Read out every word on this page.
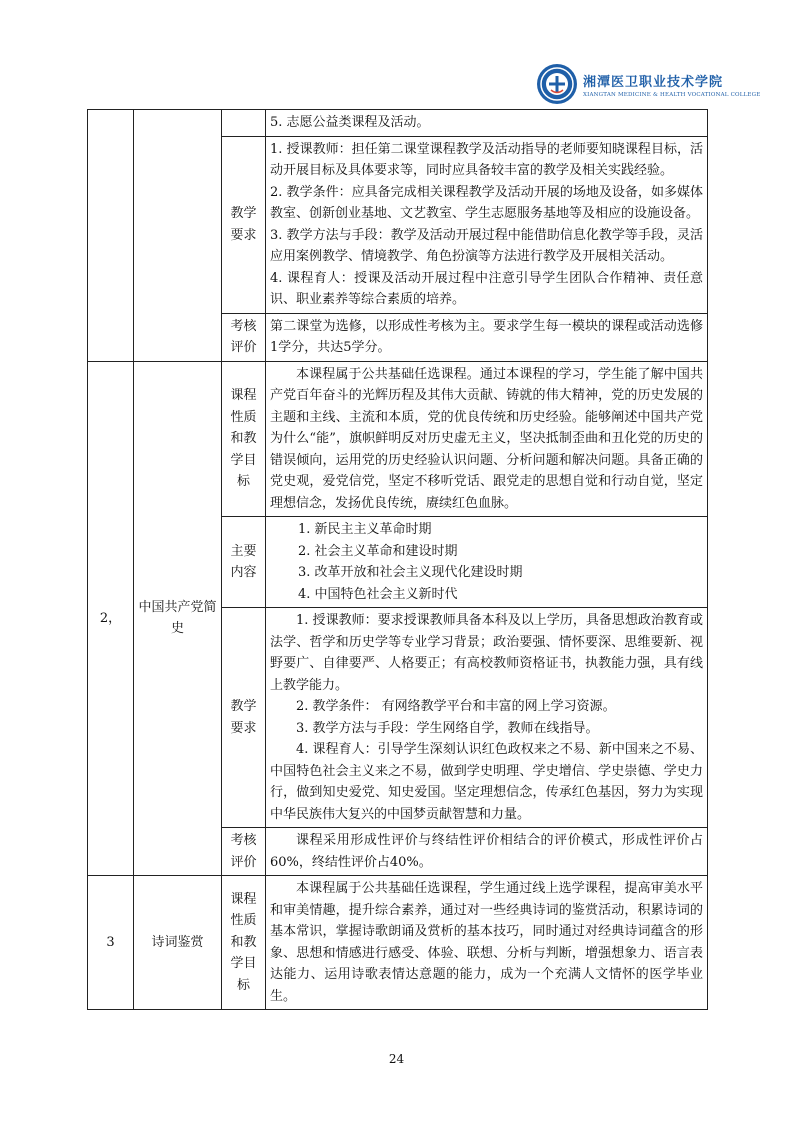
湘潭医卫职业技术学院
XIANGTAN MEDICINE & HEALTH VOCATIONAL COLLEGE
			5. 志愿公益类课程及活动。
		教学要求	1. 授课教师：担任第二课堂课程教学及活动指导的老师要知晓课程目标，活动开展目标及具体要求等，同时应具备较丰富的教学及相关实践经验。

2. 教学条件：应具备完成相关课程教学及活动开展的场地及设备，如多媒体教室、创新创业基地、文艺教室、学生志愿服务基地等及相应的设施设备。

3. 教学方法与手段：教学及活动开展过程中能借助信息化教学等手段，灵活应用案例教学、情境教学、角色扮演等方法进行教学及开展相关活动。

4. 课程育人：授课及活动开展过程中注意引导学生团队合作精神、责任意识、职业素养等综合素质的培养。

		考核评价	第二课堂为选修，以形成性考核为主。要求学生每一模块的课程或活动选修1学分，共达5学分。
2，	中国共产党简史	课程性质和教学目标	本课程属于公共基础任选课程。通过本课程的学习，学生能了解中国共产党百年奋斗的光辉历程及其伟大贡献、铸就的伟大精神，党的历史发展的主题和主线、主流和本质，党的优良传统和历史经验。能够阐述中国共产党为什么“能”，旗帜鲜明反对历史虚无主义，坚决抵制歪曲和丑化党的历史的错误倾向，运用党的历史经验认识问题、分析问题和解决问题。具备正确的党史观，爱党信党，坚定不移听党话、跟党走的思想自觉和行动自觉，坚定理想信念，发扬优良传统，赓续红色血脉。
		主要内容	1. 新民主主义革命时期

2. 社会主义革命和建设时期

3. 改革开放和社会主义现代化建设时期

4. 中国特色社会主义新时代

		教学要求	1. 授课教师：要求授课教师具备本科及以上学历，具备思想政治教育或法学、哲学和历史学等专业学习背景；政治要强、情怀要深、思维要新、视野要广、自律要严、人格要正；有高校教师资格证书，执教能力强，具有线上教学能力。

2. 教学条件： 有网络教学平台和丰富的网上学习资源。

3. 教学方法与手段：学生网络自学，教师在线指导。

4. 课程育人：引导学生深刻认识红色政权来之不易、新中国来之不易、中国特色社会主义来之不易，做到学史明理、学史增信、学史崇德、学史力行，做到知史爱党、知史爱国。坚定理想信念，传承红色基因，努力为实现中华民族伟大复兴的中国梦贡献智慧和力量。

		考核评价	课程采用形成性评价与终结性评价相结合的评价模式，形成性评价占60%，终结性评价占40%。
3	诗词鉴赏	课程性质和教学目标	本课程属于公共基础任选课程，学生通过线上选学课程，提高审美水平和审美情趣，提升综合素养，通过对一些经典诗词的鉴赏活动，积累诗词的基本常识，掌握诗歌朗诵及赏析的基本技巧，同时通过对经典诗词蕴含的形象、思想和情感进行感受、体验、联想、分析与判断，增强想象力、语言表达能力、运用诗歌表情达意题的能力，成为一个充满人文情怀的医学毕业生。
24
